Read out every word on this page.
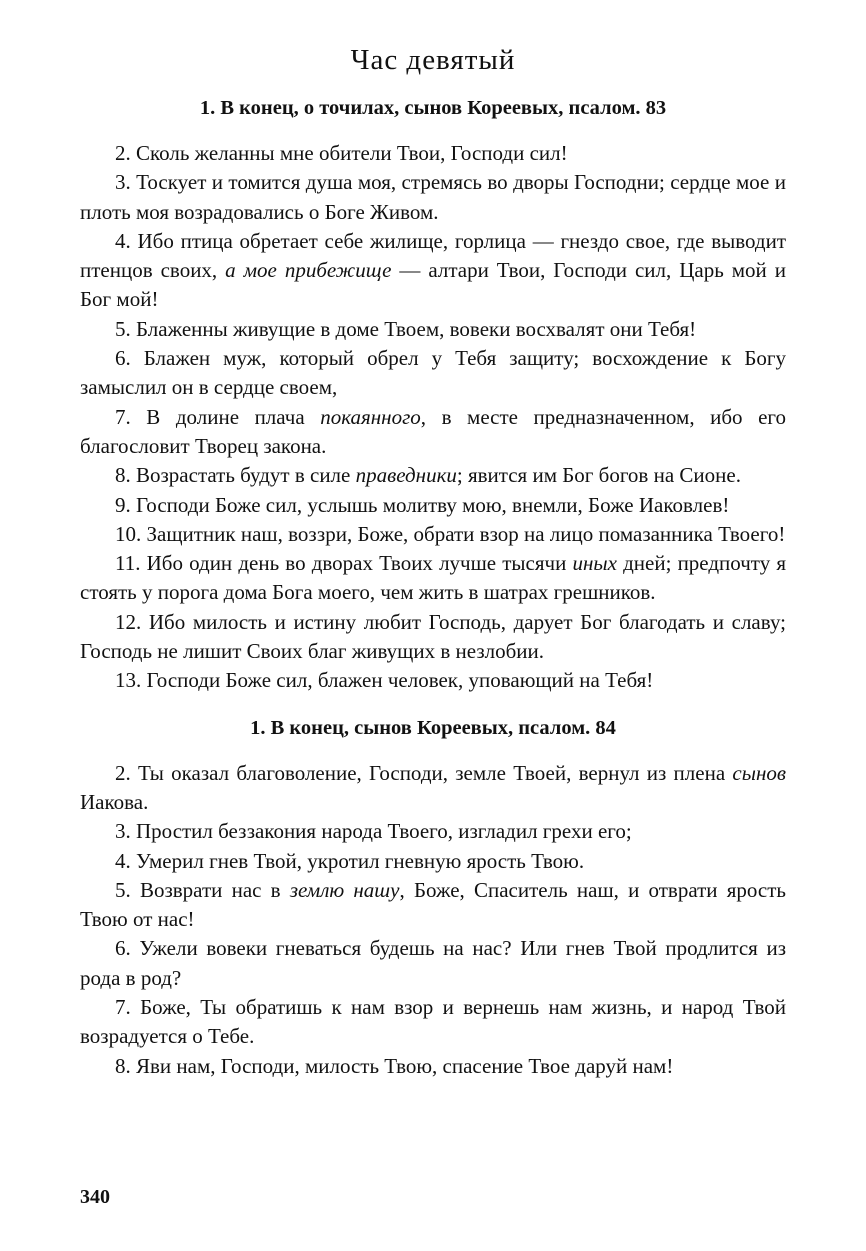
Час девятый
1. В конец, о точилах, сынов Кореевых, псалом. 83

2. Сколь желанны мне обители Твои, Господи сил!

3. Тоскует и томится душа моя, стремясь во дворы Господни; сердце мое и плоть моя возрадовались о Боге Живом.

4. Ибо птица обретает себе жилище, горлица — гнездо свое, где выводит птенцов своих, а мое прибежище — алтари Твои, Господи сил, Царь мой и Бог мой!

5. Блаженны живущие в доме Твоем, вовеки восхвалят они Тебя!

6. Блажен муж, который обрел у Тебя защиту; восхождение к Богу замыслил он в сердце своем,

7. В долине плача покаянного, в месте предназначенном, ибо его благословит Творец закона.

8. Возрастать будут в силе праведники; явится им Бог богов на Сионе.

9. Господи Боже сил, услышь молитву мою, внемли, Боже Иаковлев!

10. Защитник наш, воззри, Боже, обрати взор на лицо помазанника Твоего!

11. Ибо один день во дворах Твоих лучше тысячи иных дней; предпочту я стоять у порога дома Бога моего, чем жить в шатрах грешников.

12. Ибо милость и истину любит Господь, дарует Бог благодать и славу; Господь не лишит Своих благ живущих в незлобии.

13. Господи Боже сил, блажен человек, уповающий на Тебя!

1. В конец, сынов Кореевых, псалом. 84

2. Ты оказал благоволение, Господи, земле Твоей, вернул из плена сынов Иакова.

3. Простил беззакония народа Твоего, изгладил грехи его;

4. Умерил гнев Твой, укротил гневную ярость Твою.

5. Возврати нас в землю нашу, Боже, Спаситель наш, и отврати ярость Твою от нас!

6. Ужели вовеки гневаться будешь на нас? Или гнев Твой продлится из рода в род?

7. Боже, Ты обратишь к нам взор и вернешь нам жизнь, и народ Твой возрадуется о Тебе.

8. Яви нам, Господи, милость Твою, спасение Твое даруй нам!

340
